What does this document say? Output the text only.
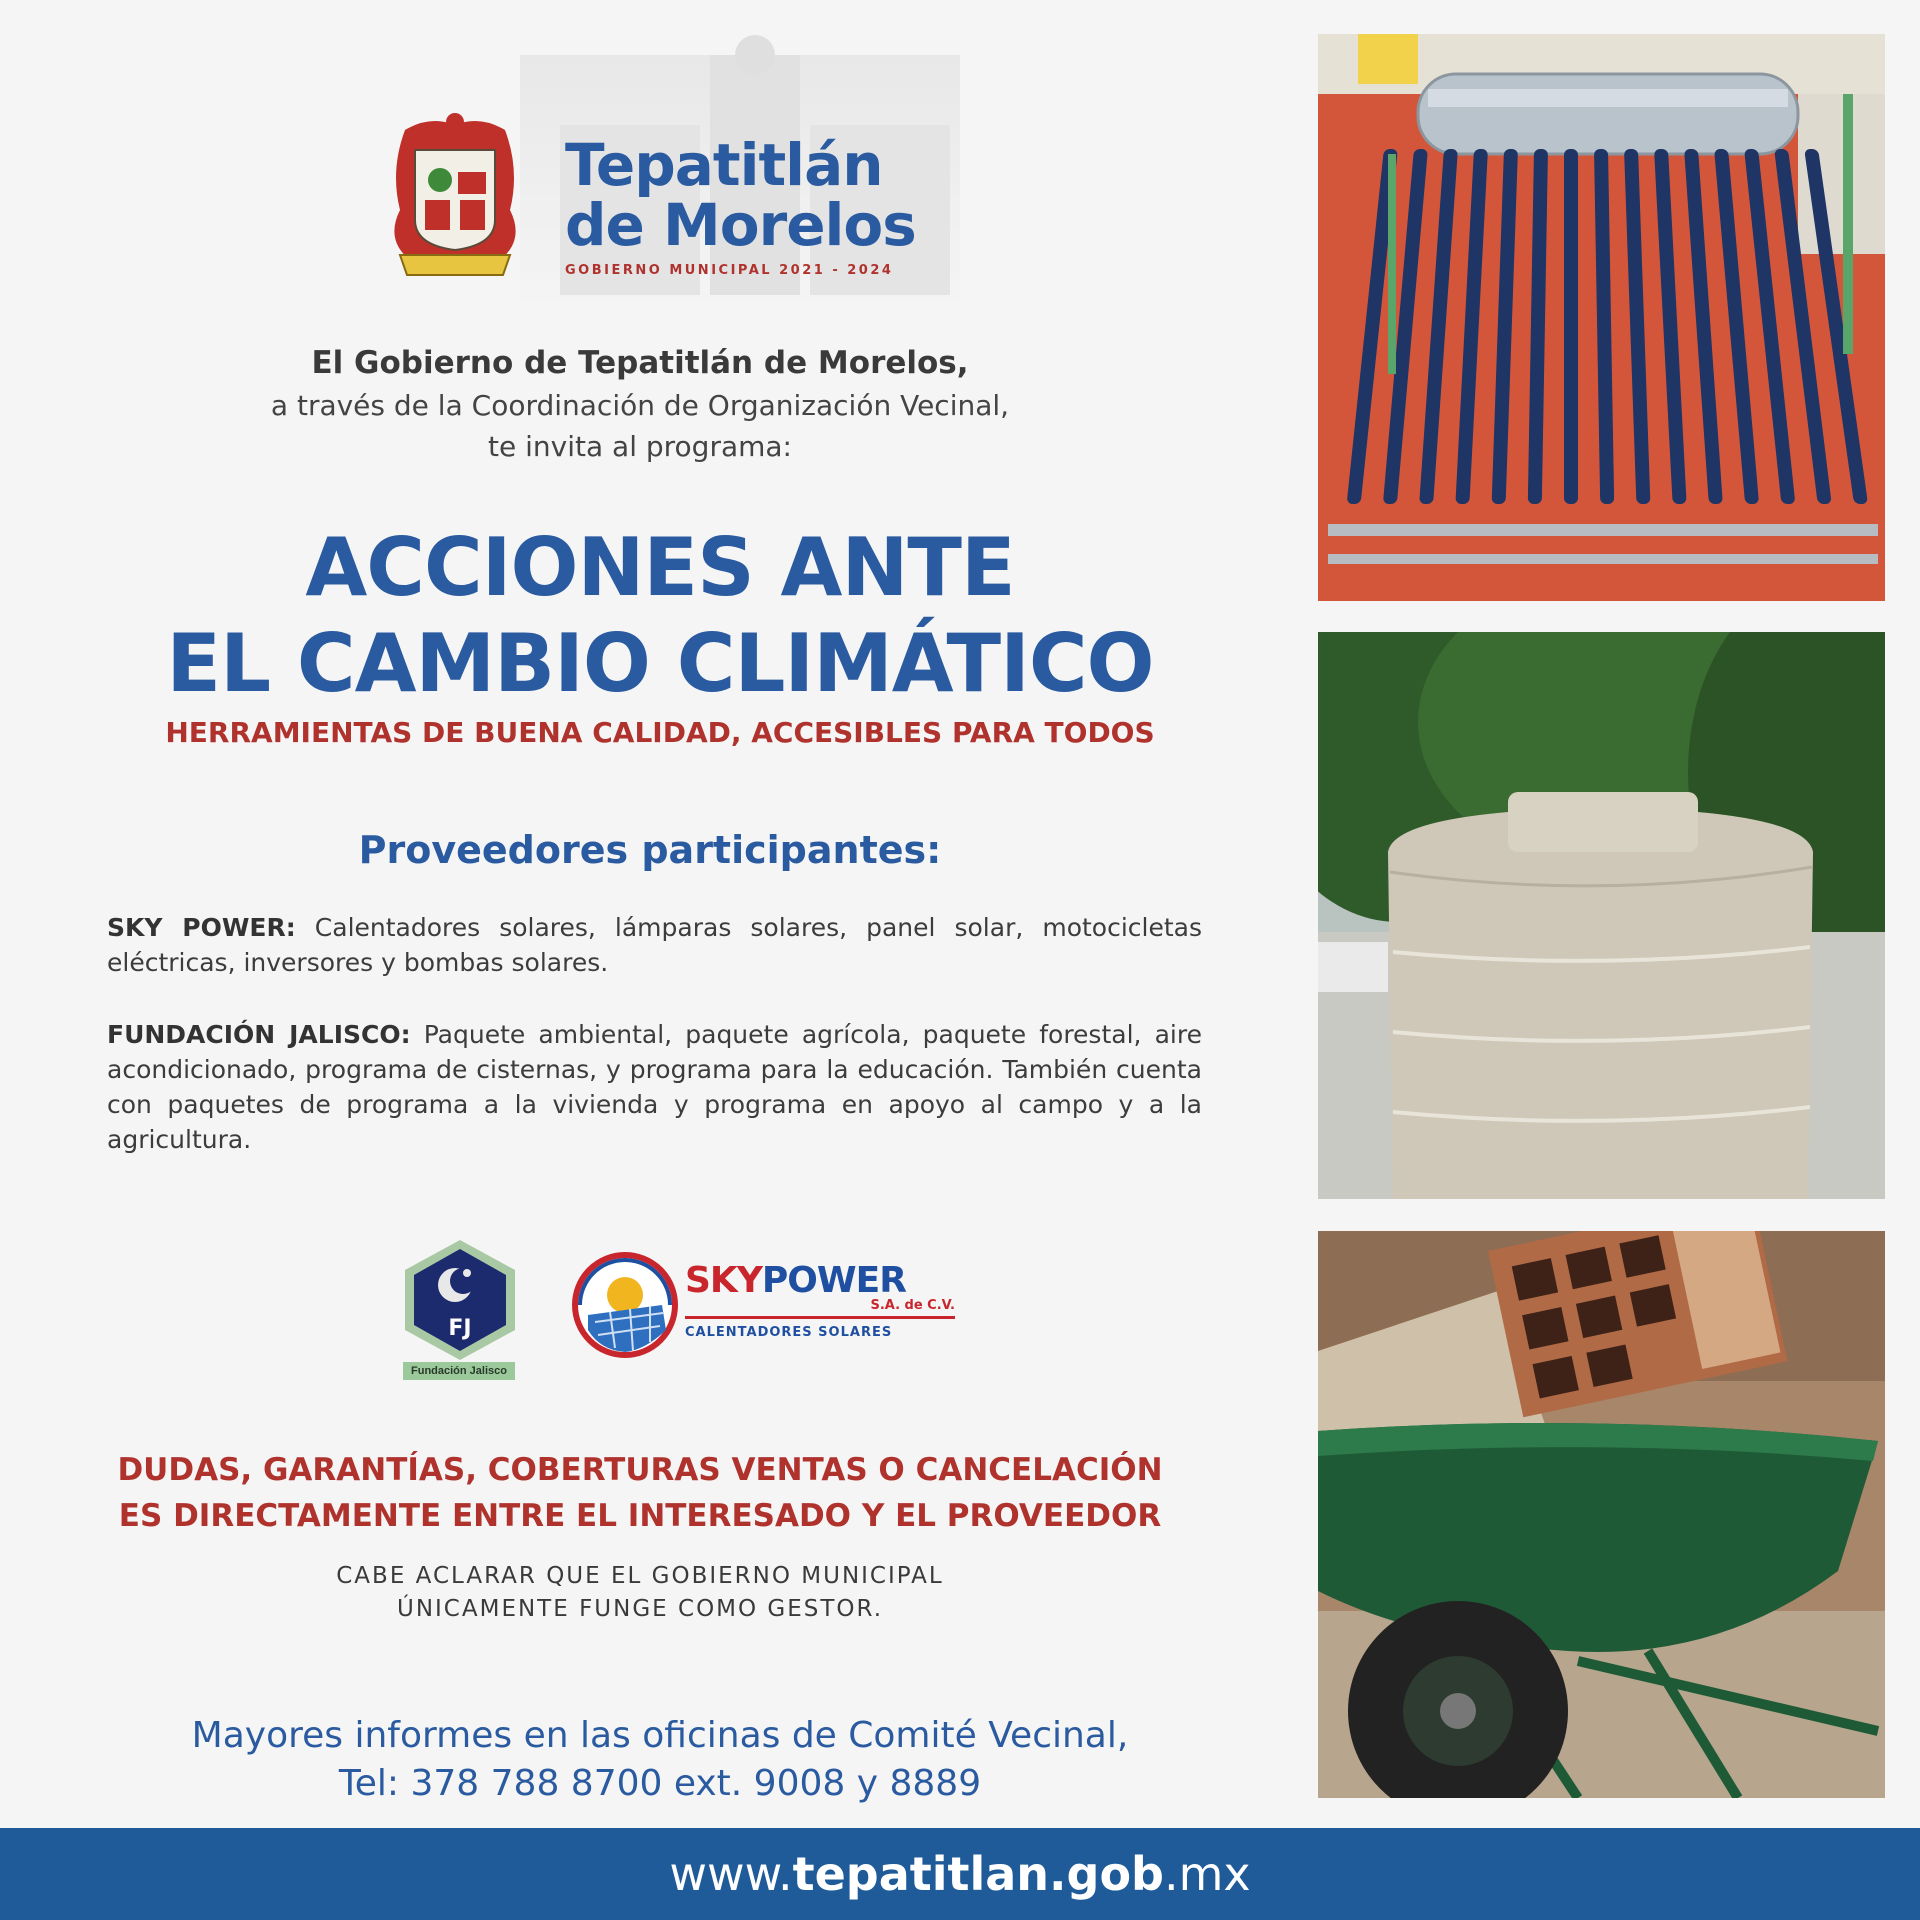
Tepatitlán
de Morelos
GOBIERNO MUNICIPAL 2021 - 2024
El Gobierno de Tepatitlán de Morelos,
a través de la Coordinación de Organización Vecinal,
te invita al programa:
ACCIONES ANTE
EL CAMBIO CLIMÁTICO
HERRAMIENTAS DE BUENA CALIDAD, ACCESIBLES PARA TODOS
Proveedores participantes:
SKY POWER: Calentadores solares, lámparas solares, panel solar, motocicletas eléctricas, inversores y bombas solares.
FUNDACIÓN JALISCO: Paquete ambiental, paquete agrícola, paquete forestal, aire acondicionado, programa de cisternas, y programa para la educación. También cuenta con paquetes de programa a la vivienda y programa en apoyo al campo y a la agricultura.
FJ
Fundación Jalisco
SKYPOWER
S.A. de C.V.
CALENTADORES SOLARES
DUDAS, GARANTÍAS, COBERTURAS VENTAS O CANCELACIÓN
ES DIRECTAMENTE ENTRE EL INTERESADO Y EL PROVEEDOR
CABE ACLARAR QUE EL GOBIERNO MUNICIPAL
ÚNICAMENTE FUNGE COMO GESTOR.
Mayores informes en las oficinas de Comité Vecinal,
Tel: 378 788 8700 ext. 9008 y 8889
www.tepatitlan.gob.mx
